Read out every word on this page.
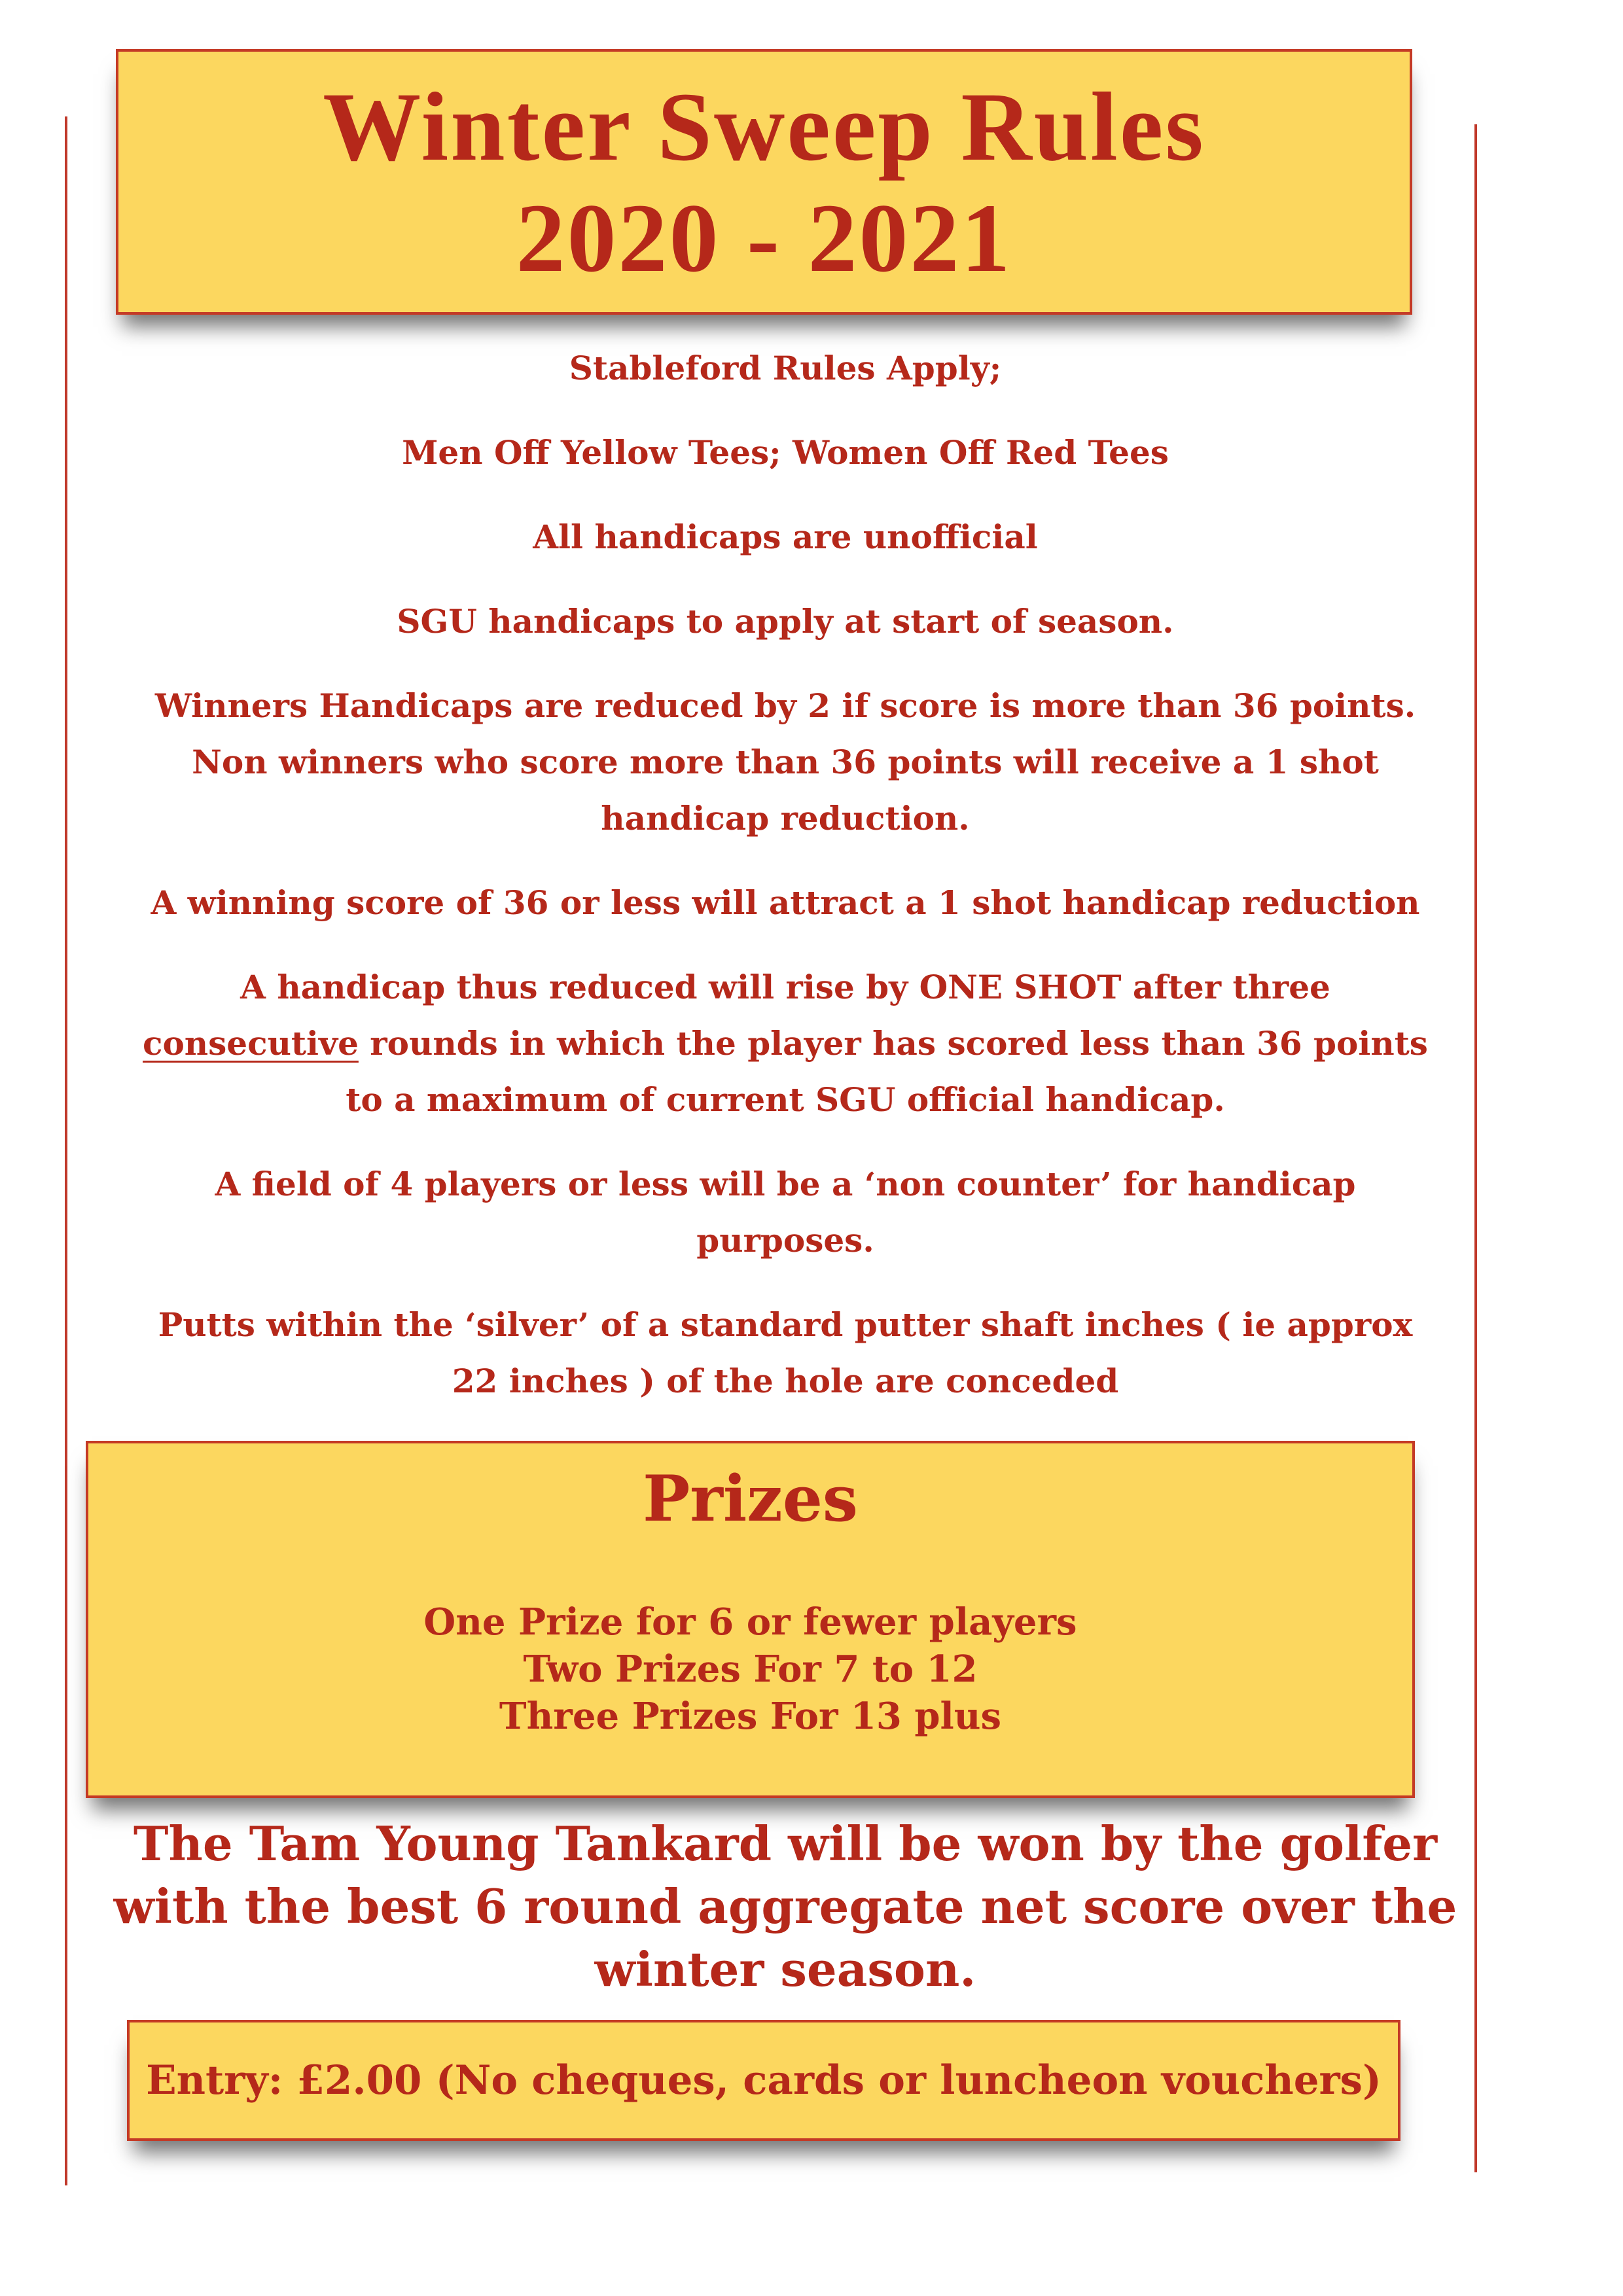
Winter Sweep Rules
2020 - 2021
Stableford Rules Apply;
Men Off Yellow Tees; Women Off Red Tees
All handicaps are unofficial
SGU handicaps to apply at start of season.
Winners Handicaps are reduced by 2 if score is more than 36 points.
Non winners who score more than 36 points will receive a 1 shot
handicap reduction.
A winning score of 36 or less will attract a 1 shot handicap reduction
A handicap thus reduced will rise by ONE SHOT after three
consecutive rounds in which the player has scored less than 36 points
to a maximum of current SGU official handicap.
A field of 4 players or less will be a ‘non counter’ for handicap
purposes.
Putts within the ‘silver’ of a standard putter shaft inches ( ie approx
22 inches ) of the hole are conceded
Prizes
One Prize for 6 or fewer players
Two Prizes For 7 to 12
Three Prizes For 13 plus
The Tam Young Tankard will be won by the golfer
with the best 6 round aggregate net score over the
winter season.
Entry: £2.00 (No cheques, cards or luncheon vouchers)
